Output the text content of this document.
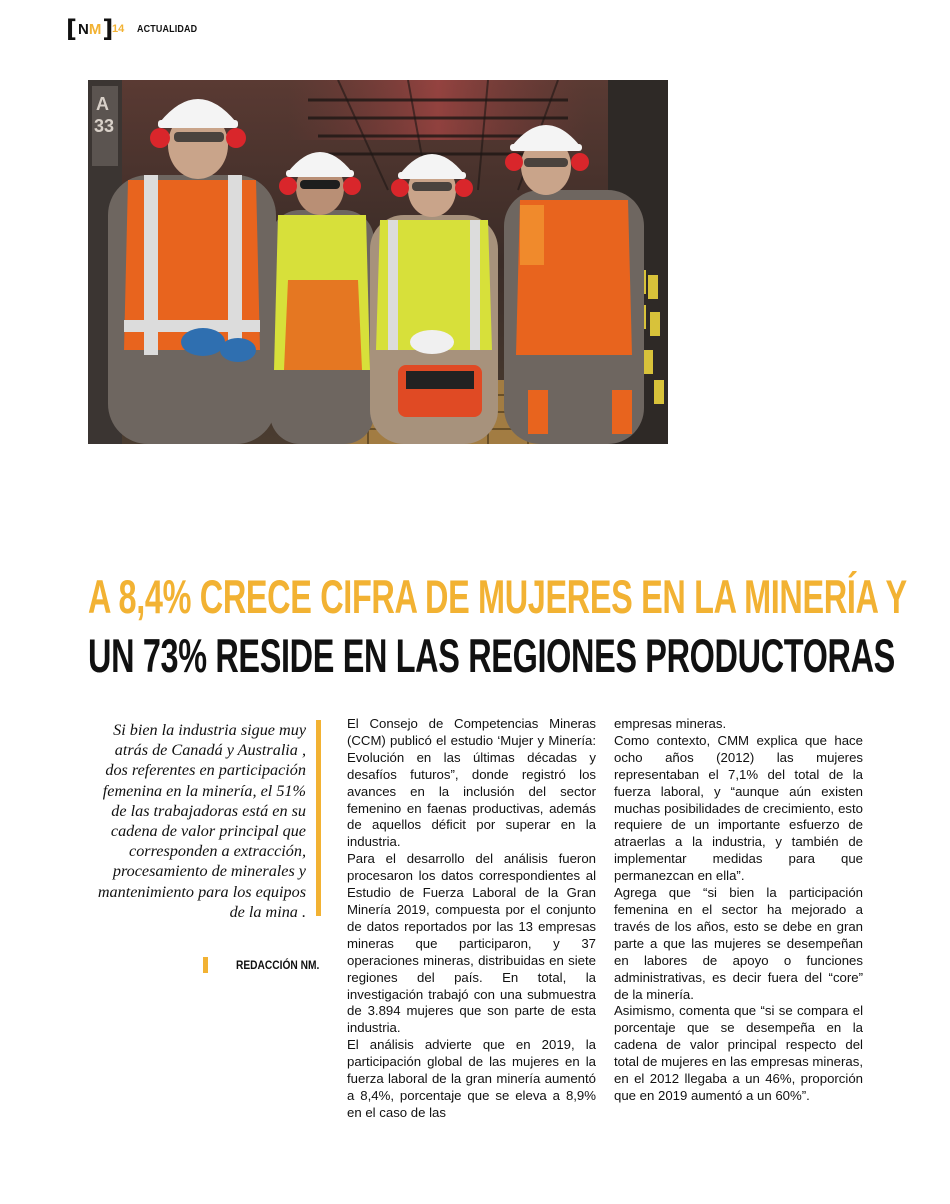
[ N M ]
14 ACTUALIDAD
A
33
A 8,4% CRECE CIFRA DE MUJERES EN LA MINERÍA Y
UN 73% RESIDE EN LAS REGIONES PRODUCTORAS
Si bien la industria sigue muy atrás de Canadá y Australia , dos referentes en participación femenina en la minería, el 51% de las trabajadoras está en su cadena de valor principal que corresponden a extracción, procesamiento de minerales y mantenimiento para los equipos de la mina .
REDACCIÓN NM.

El Consejo de Competencias Mineras (CCM) publicó el estudio ‘Mujer y Minería: Evolución en las últimas décadas y desafíos futuros”, donde registró los avances en la inclusión del sector femenino en faenas productivas, además de aquellos déficit por superar en la industria.

Para el desarrollo del análisis fueron procesaron los datos correspondientes al Estudio de Fuerza Laboral de la Gran Minería 2019, compuesta por el conjunto de datos reportados por las 13 empresas mineras que participaron, y 37 operaciones mineras, distribuidas en siete regiones del país. En total, la investigación trabajó con una submuestra de 3.894 mujeres que son parte de esta industria.

El análisis advierte que en 2019, la participación global de las mujeres en la fuerza laboral de la gran minería aumentó a 8,4%, porcentaje que se eleva a 8,9% en el caso de las

empresas mineras.

Como contexto, CMM explica que hace ocho años (2012) las mujeres representaban el 7,1% del total de la fuerza laboral, y “aunque aún existen muchas posibilidades de crecimiento, esto requiere de un importante esfuerzo de atraerlas a la industria, y también de implementar medidas para que permanezcan en ella”.

Agrega que “si bien la participación femenina en el sector ha mejorado a través de los años, esto se debe en gran parte a que las mujeres se desempeñan en labores de apoyo o funciones administrativas, es decir fuera del “core” de la minería.

Asimismo, comenta que “si se compara el porcentaje que se desempeña en la cadena de valor principal respecto del total de mujeres en las empresas mineras, en el 2012 llegaba a un 46%, proporción que en 2019 aumentó a un 60%”.
